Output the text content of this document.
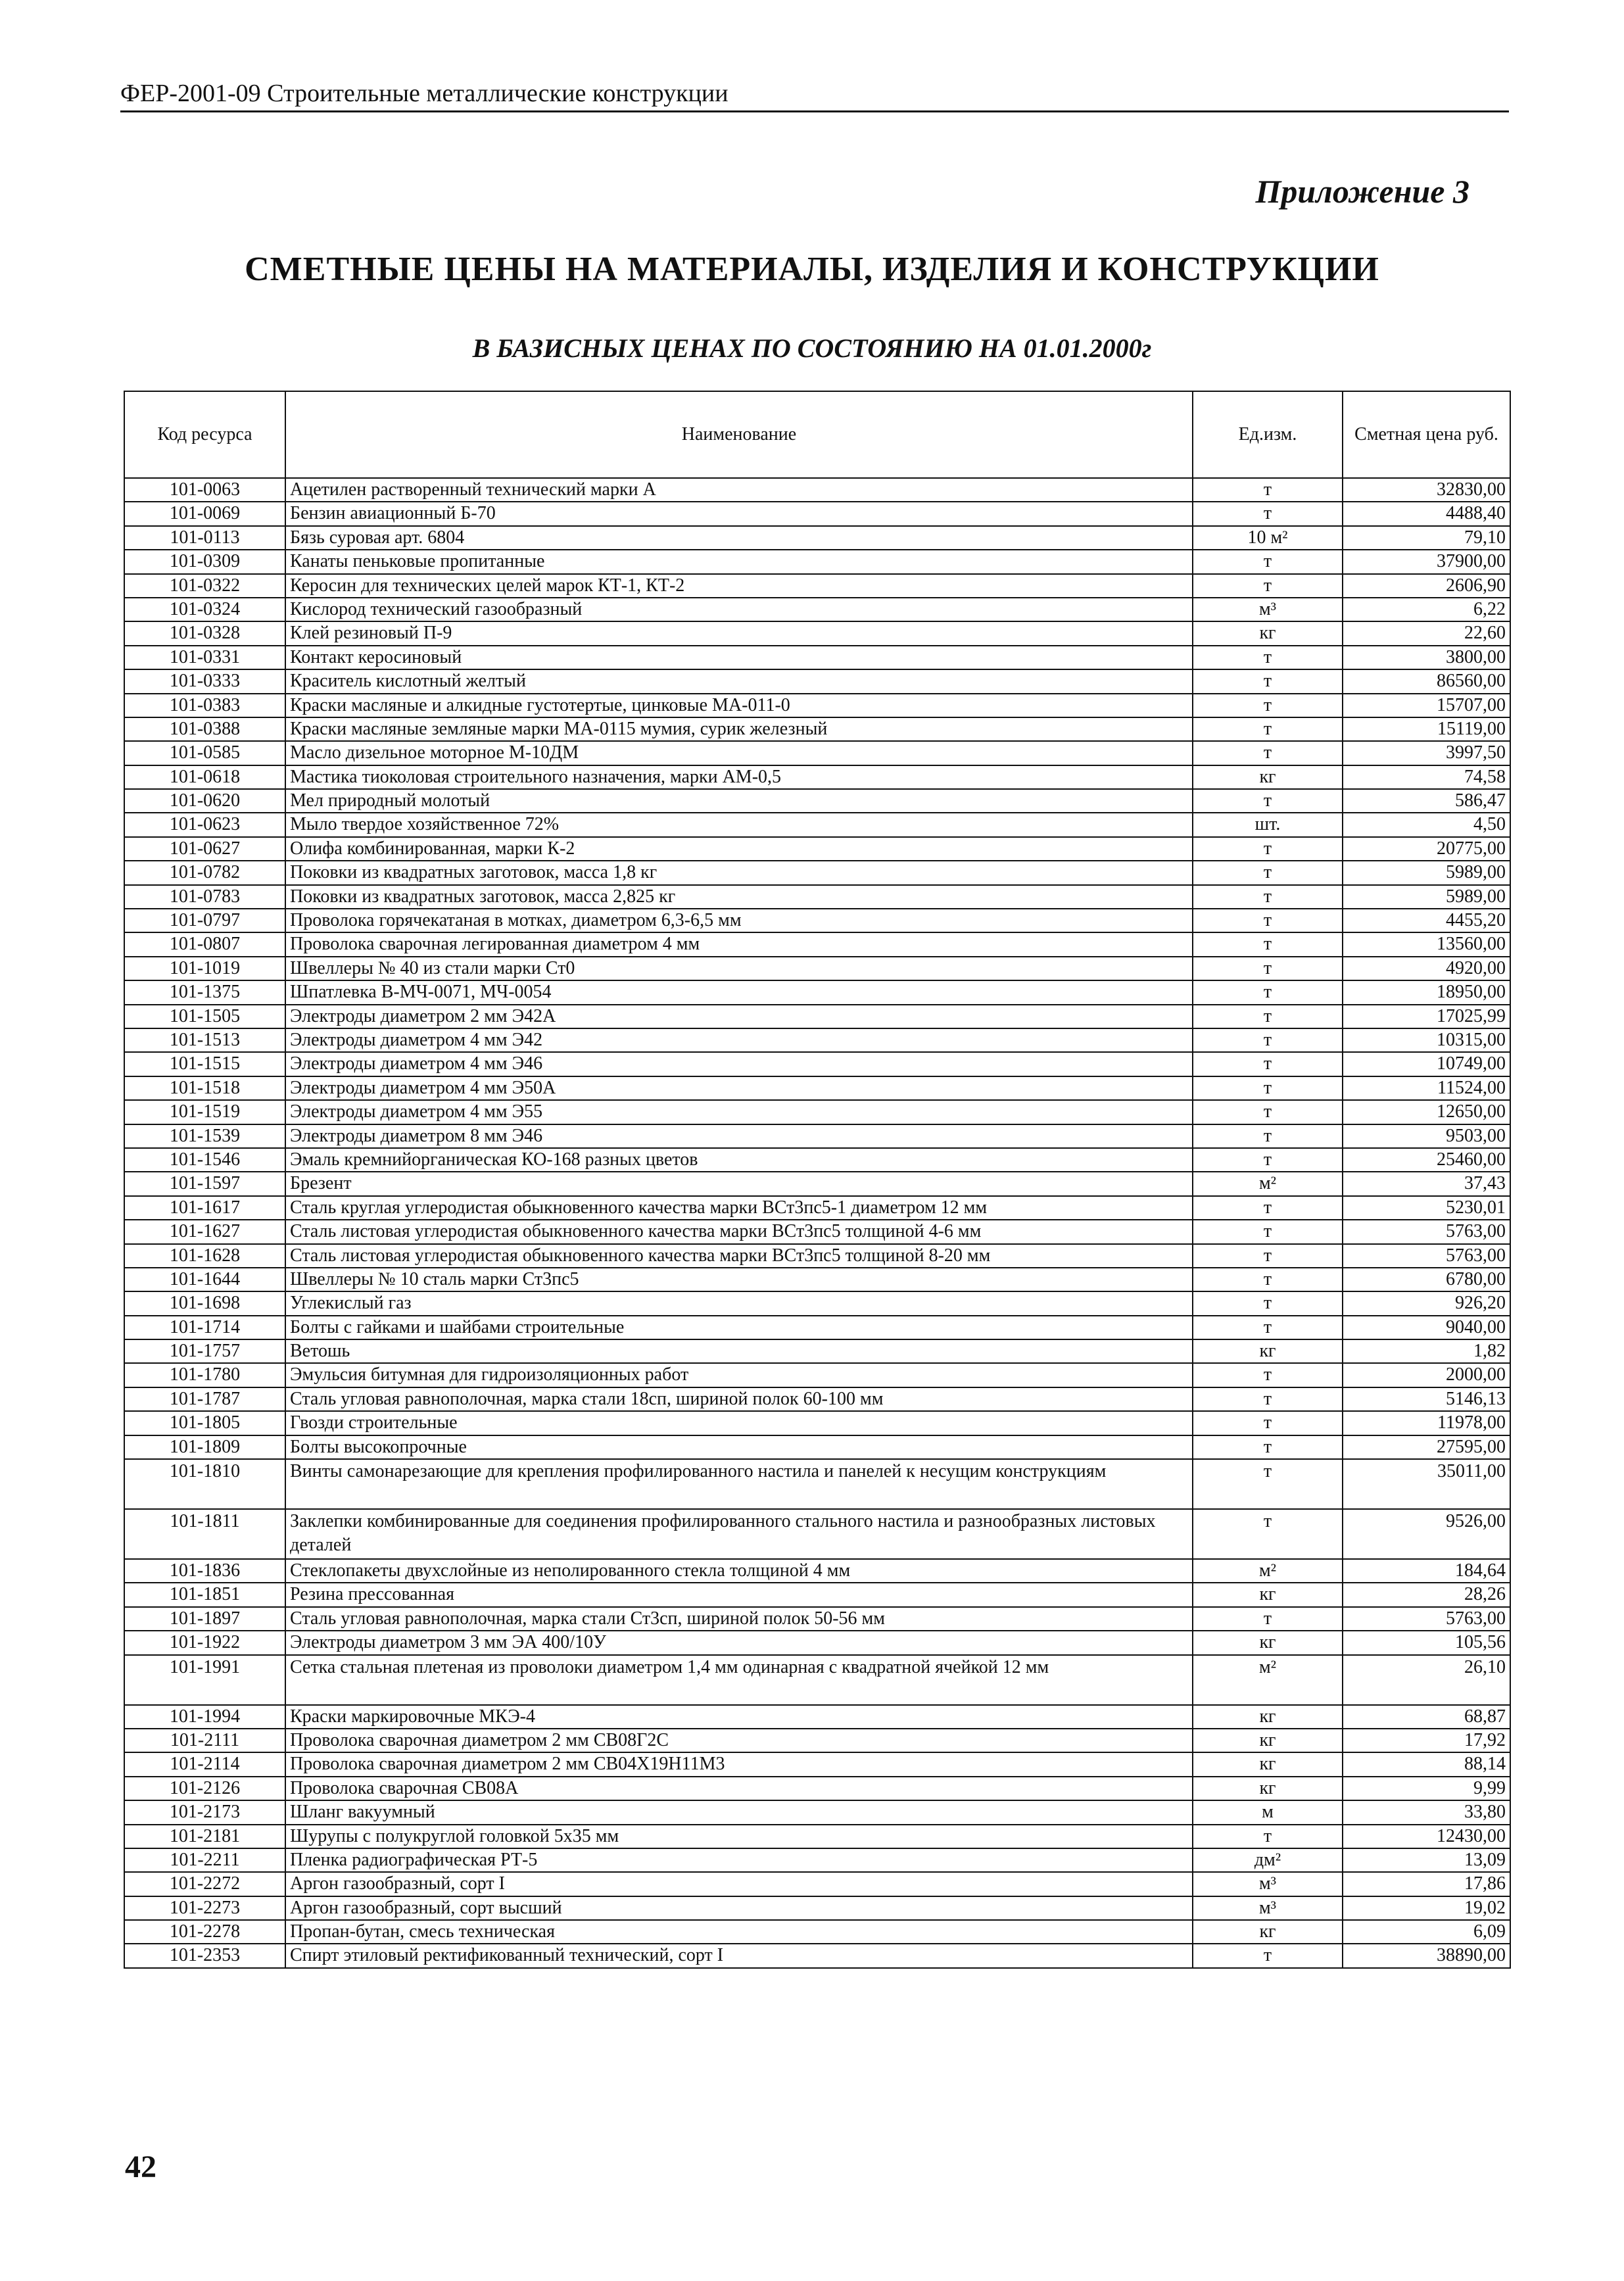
ФЕР-2001-09 Строительные металлические конструкции
Приложение 3
СМЕТНЫЕ ЦЕНЫ НА МАТЕРИАЛЫ, ИЗДЕЛИЯ И КОНСТРУКЦИИ
В БАЗИСНЫХ ЦЕНАХ ПО СОСТОЯНИЮ НА 01.01.2000г
Код ресурса	Наименование	Ед.изм.	Сметная цена руб.
101-0063	Ацетилен растворенный технический марки А	т	32830,00
101-0069	Бензин авиационный Б-70	т	4488,40
101-0113	Бязь суровая арт. 6804	10 м²	79,10
101-0309	Канаты пеньковые пропитанные	т	37900,00
101-0322	Керосин для технических целей марок КТ-1, КТ-2	т	2606,90
101-0324	Кислород технический газообразный	м³	6,22
101-0328	Клей резиновый П-9	кг	22,60
101-0331	Контакт керосиновый	т	3800,00
101-0333	Краситель кислотный желтый	т	86560,00
101-0383	Краски масляные и алкидные густотертые, цинковые МА-011-0	т	15707,00
101-0388	Краски масляные земляные марки МА-0115 мумия, сурик железный	т	15119,00
101-0585	Масло дизельное моторное М-10ДМ	т	3997,50
101-0618	Мастика тиоколовая строительного назначения, марки АМ-0,5	кг	74,58
101-0620	Мел природный молотый	т	586,47
101-0623	Мыло твердое хозяйственное 72%	шт.	4,50
101-0627	Олифа комбинированная, марки К-2	т	20775,00
101-0782	Поковки из квадратных заготовок, масса 1,8 кг	т	5989,00
101-0783	Поковки из квадратных заготовок, масса 2,825 кг	т	5989,00
101-0797	Проволока горячекатаная в мотках, диаметром 6,3-6,5 мм	т	4455,20
101-0807	Проволока сварочная легированная диаметром 4 мм	т	13560,00
101-1019	Швеллеры № 40 из стали марки Ст0	т	4920,00
101-1375	Шпатлевка В-МЧ-0071, МЧ-0054	т	18950,00
101-1505	Электроды диаметром 2 мм Э42А	т	17025,99
101-1513	Электроды диаметром 4 мм Э42	т	10315,00
101-1515	Электроды диаметром 4 мм Э46	т	10749,00
101-1518	Электроды диаметром 4 мм Э50А	т	11524,00
101-1519	Электроды диаметром 4 мм Э55	т	12650,00
101-1539	Электроды диаметром 8 мм Э46	т	9503,00
101-1546	Эмаль кремнийорганическая КО-168 разных цветов	т	25460,00
101-1597	Брезент	м²	37,43
101-1617	Сталь круглая углеродистая обыкновенного качества марки ВСт3пс5-1 диаметром 12 мм	т	5230,01
101-1627	Сталь листовая углеродистая обыкновенного качества марки ВСт3пс5 толщиной 4-6 мм	т	5763,00
101-1628	Сталь листовая углеродистая обыкновенного качества марки ВСт3пс5 толщиной 8-20 мм	т	5763,00
101-1644	Швеллеры № 10 сталь марки Ст3пс5	т	6780,00
101-1698	Углекислый газ	т	926,20
101-1714	Болты с гайками и шайбами строительные	т	9040,00
101-1757	Ветошь	кг	1,82
101-1780	Эмульсия битумная для гидроизоляционных работ	т	2000,00
101-1787	Сталь угловая равнополочная, марка стали 18сп, шириной полок 60-100 мм	т	5146,13
101-1805	Гвозди строительные	т	11978,00
101-1809	Болты высокопрочные	т	27595,00
101-1810	Винты самонарезающие для крепления профилированного настила и панелей к несущим конструкциям	т	35011,00
101-1811	Заклепки комбинированные для соединения профилированного стального настила и разнообразных листовых деталей	т	9526,00
101-1836	Стеклопакеты двухслойные из неполированного стекла толщиной 4 мм	м²	184,64
101-1851	Резина прессованная	кг	28,26
101-1897	Сталь угловая равнополочная, марка стали Ст3сп, шириной полок 50-56 мм	т	5763,00
101-1922	Электроды диаметром 3 мм ЭА 400/10У	кг	105,56
101-1991	Сетка стальная плетеная из проволоки диаметром 1,4 мм одинарная с квадратной ячейкой 12 мм	м²	26,10
101-1994	Краски маркировочные МКЭ-4	кг	68,87
101-2111	Проволока сварочная диаметром 2 мм СВ08Г2С	кг	17,92
101-2114	Проволока сварочная диаметром 2 мм СВ04Х19Н11М3	кг	88,14
101-2126	Проволока сварочная СВ08А	кг	9,99
101-2173	Шланг вакуумный	м	33,80
101-2181	Шурупы с полукруглой головкой 5х35 мм	т	12430,00
101-2211	Пленка радиографическая РТ-5	дм²	13,09
101-2272	Аргон газообразный, сорт I	м³	17,86
101-2273	Аргон газообразный, сорт высший	м³	19,02
101-2278	Пропан-бутан, смесь техническая	кг	6,09
101-2353	Спирт этиловый ректификованный технический, сорт I	т	38890,00
42
